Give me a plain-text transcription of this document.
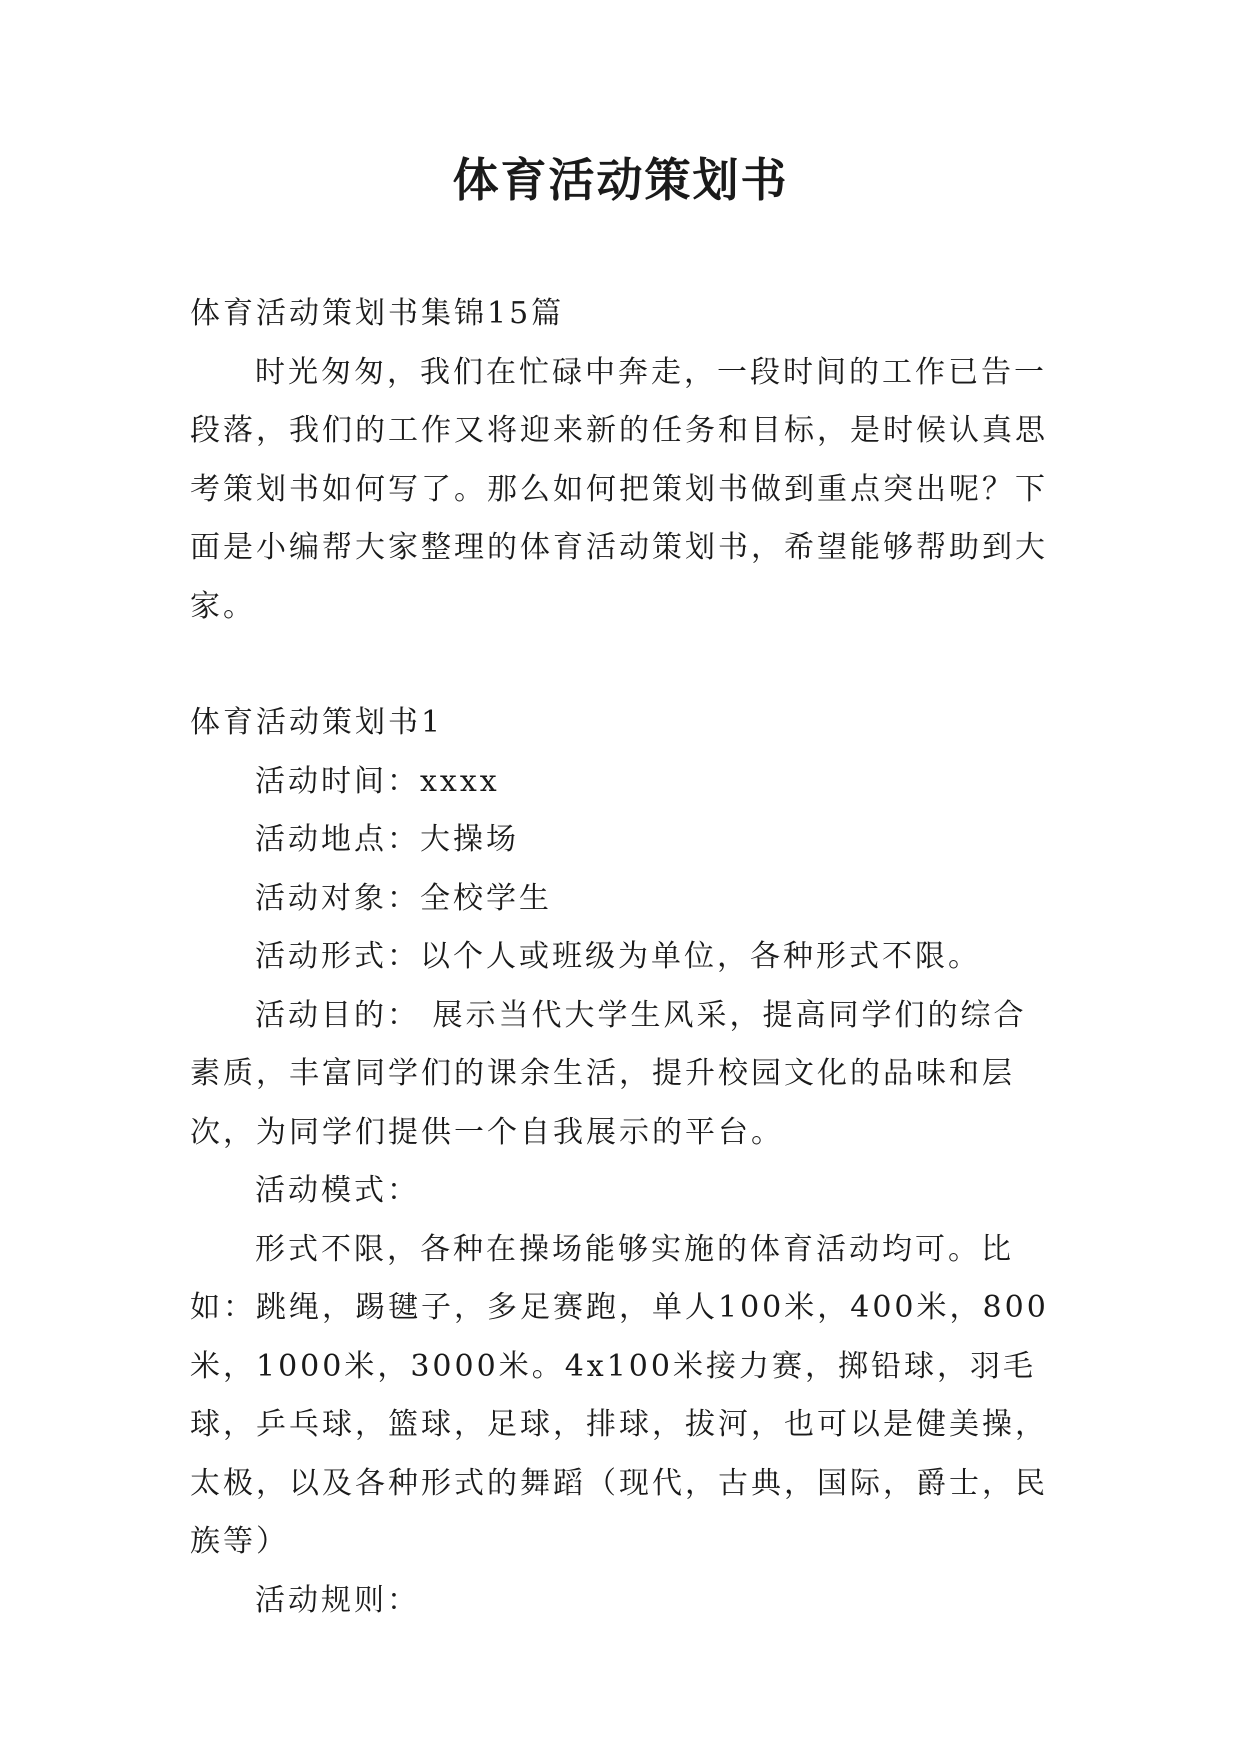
体育活动策划书

体育活动策划书集锦15篇

时光匆匆，我们在忙碌中奔走，一段时间的工作已告一段落，我们的工作又将迎来新的任务和目标，是时候认真思考策划书如何写了。那么如何把策划书做到重点突出呢？下面是小编帮大家整理的体育活动策划书，希望能够帮助到大家。

体育活动策划书1

活动时间：xxxx

活动地点：大操场

活动对象：全校学生

活动形式：以个人或班级为单位，各种形式不限。

活动目的： 展示当代大学生风采，提高同学们的综合素质，丰富同学们的课余生活，提升校园文化的品味和层次，为同学们提供一个自我展示的平台。

活动模式：

形式不限，各种在操场能够实施的体育活动均可。比如：跳绳，踢毽子，多足赛跑，单人100米，400米，800米，1000米，3000米。4x100米接力赛，掷铅球，羽毛球，乒乓球，篮球，足球，排球，拔河，也可以是健美操，太极，以及各种形式的舞蹈（现代，古典，国际，爵士，民族等）

活动规则：
